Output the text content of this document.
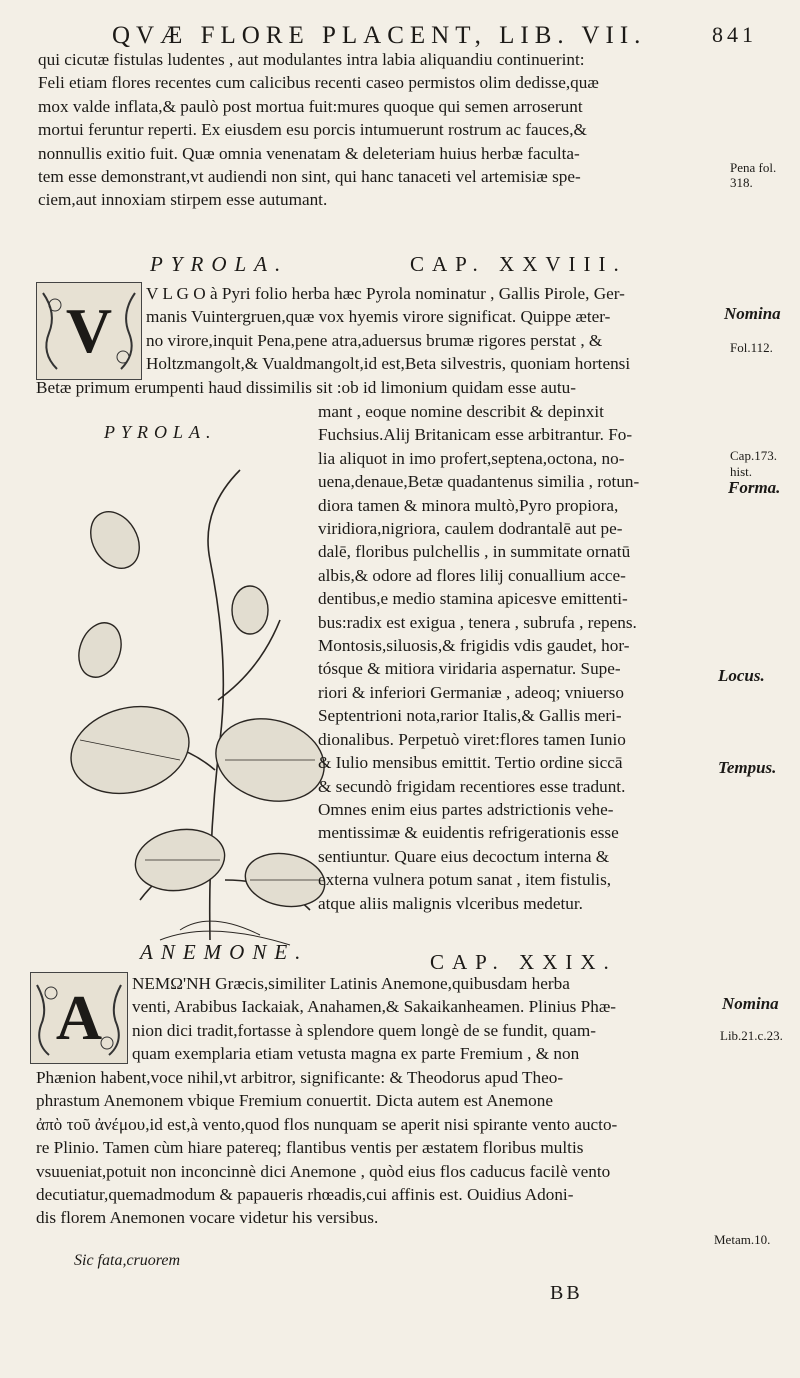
QVÆ FLORE PLACENT, LIB. VII.	841
qui cicutæ fistulas ludentes , aut modulantes intra labia aliquandiu continuerint:
Feli etiam flores recentes cum calicibus recenti caseo permistos olim dedisse,quæ
mox valde inflata,& paulò post mortua fuit:mures quoque qui semen arroserunt
mortui feruntur reperti. Ex eiusdem esu porcis intumuerunt rostrum ac fauces,&
nonnullis exitio fuit. Quæ omnia venenatam & deleteriam huius herbæ faculta-
tem esse demonstrant,vt audiendi non sint, qui hanc tanaceti vel artemisiæ spe-
ciem,aut innoxiam stirpem esse autumant.
Pena fol.
318.
PYROLA.	CAP. XXVIII.
V
V L G O à Pyri folio herba hæc Pyrola nominatur , Gallis Pirole, Ger-
manis Vuintergruen,quæ vox hyemis virore significat. Quippe æter-
no virore,inquit Pena,pene atra,aduersus brumæ rigores perstat , &
Holtzmangolt,& Vualdmangolt,id est,Beta silvestris, quoniam hortensi
Betæ primum erumpenti haud dissimilis sit :ob id limonium quidam esse autu-
PYROLA.
mant , eoque nomine describit & depinxit
Fuchsius.Alij Britanicam esse arbitrantur. Fo-
lia aliquot in imo profert,septena,octona, no-
uena,denaue,Betæ quadantenus similia , rotun-
diora tamen & minora multò,Pyro propiora,
viridiora,nigriora, caulem dodrantalē aut pe-
dalē, floribus pulchellis , in summitate ornatū
albis,& odore ad flores lilij conuallium acce-
dentibus,e medio stamina apicesve emittenti-
bus:radix est exigua , tenera , subrufa , repens.
Montosis,siluosis,& frigidis vdis gaudet, hor-
tósque & mitiora viridaria aspernatur. Supe-
riori & inferiori Germaniæ , adeoq; vniuerso
Septentrioni nota,rarior Italis,& Gallis meri-
dionalibus. Perpetuò viret:flores tamen Iunio
& Iulio mensibus emittit. Tertio ordine siccā
& secundò frigidam recentiores esse tradunt.
Omnes enim eius partes adstrictionis vehe-
mentissimæ & euidentis refrigerationis esse
sentiuntur. Quare eius decoctum interna &
externa vulnera potum sanat , item fistulis,
atque aliis malignis vlceribus medetur.
Nomina
Fol.112.
Cap.173.
hist.
Forma.
Locus.
Tempus.
ANEMONE.	CAP. XXIX.
A	NEMΩ'NH Græcis,similiter Latinis Anemone,quibusdam herba
venti, Arabibus Iackaiak, Anahamen,& Sakaikanheamen. Plinius Phæ-
nion dici tradit,fortasse à splendore quem longè de se fundit, quam-
quam exemplaria etiam vetusta magna ex parte Fremium , & non
Phænion habent,voce nihil,vt arbitror, significante: & Theodorus apud Theo-
phrastum Anemonem vbique Fremium conuertit. Dicta autem est Anemone
ἀπὸ τοῦ ἀνέμου,id est,à vento,quod flos nunquam se aperit nisi spirante vento aucto-
re Plinio. Tamen cùm hiare patereq; flantibus ventis per æstatem floribus multis
vsuueniat,potuit non inconcinnè dici Anemone , quòd eius flos caducus facilè vento
decutiatur,quemadmodum & papaueris rhœadis,cui affinis est. Ouidius Adoni-
dis florem Anemonen vocare videtur his versibus.
Sic fata,cruorem
Nomina
Lib.21.c.23.
Metam.10.
BB
